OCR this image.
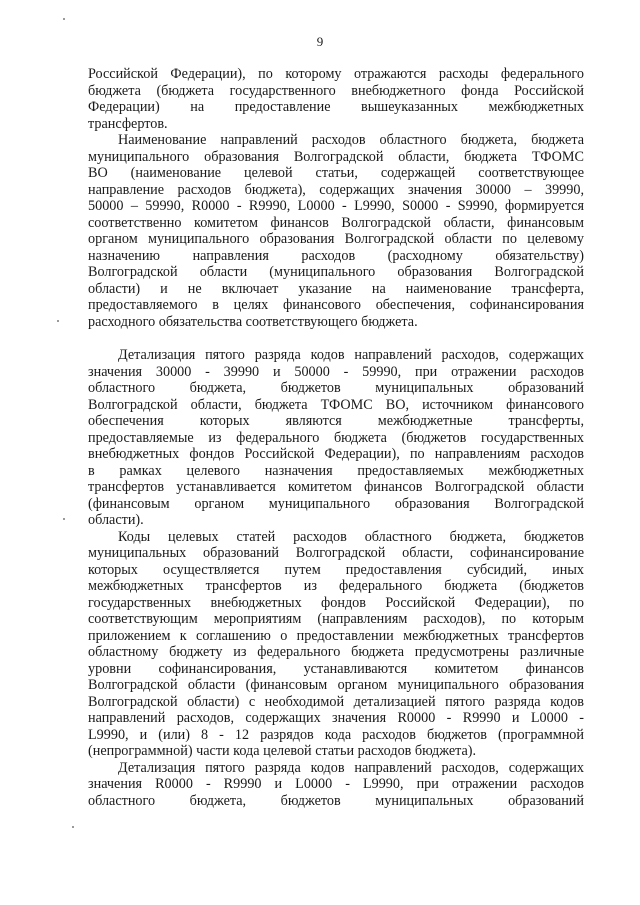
9

Российской Федерации), по которому отражаются расходы федерального
бюджета (бюджета государственного внебюджетного фонда Российской
Федерации) на предоставление вышеуказанных межбюджетных
трансфертов.

Наименование направлений расходов областного бюджета, бюджета
муниципального образования Волгоградской области, бюджета ТФОМС
ВО (наименование целевой статьи, содержащей соответствующее
направление расходов бюджета), содержащих значения 30000 – 39990,
50000 – 59990, R0000 - R9990, L0000 - L9990, S0000 - S9990, формируется
соответственно комитетом финансов Волгоградской области, финансовым
органом муниципального образования Волгоградской области по целевому
назначению направления расходов (расходному обязательству)
Волгоградской области (муниципального образования Волгоградской
области) и не включает указание на наименование трансферта,
предоставляемого в целях финансового обеспечения, софинансирования
расходного обязательства соответствующего бюджета.

Детализация пятого разряда кодов направлений расходов, содержащих
значения 30000 - 39990 и 50000 - 59990, при отражении расходов
областного бюджета, бюджетов муниципальных образований
Волгоградской области, бюджета ТФОМС ВО, источником финансового
обеспечения которых являются межбюджетные трансферты,
предоставляемые из федерального бюджета (бюджетов государственных
внебюджетных фондов Российской Федерации), по направлениям расходов
в рамках целевого назначения предоставляемых межбюджетных
трансфертов устанавливается комитетом финансов Волгоградской области
(финансовым органом муниципального образования Волгоградской
области).

Коды целевых статей расходов областного бюджета, бюджетов
муниципальных образований Волгоградской области, софинансирование
которых осуществляется путем предоставления субсидий, иных
межбюджетных трансфертов из федерального бюджета (бюджетов
государственных внебюджетных фондов Российской Федерации), по
соответствующим мероприятиям (направлениям расходов), по которым
приложением к соглашению о предоставлении межбюджетных трансфертов
областному бюджету из федерального бюджета предусмотрены различные
уровни софинансирования, устанавливаются комитетом финансов
Волгоградской области (финансовым органом муниципального образования
Волгоградской области) с необходимой детализацией пятого разряда кодов
направлений расходов, содержащих значения R0000 - R9990 и L0000 -
L9990, и (или) 8 - 12 разрядов кода расходов бюджетов (программной
(непрограммной) части кода целевой статьи расходов бюджета).

Детализация пятого разряда кодов направлений расходов, содержащих
значения R0000 - R9990 и L0000 - L9990, при отражении расходов
областного бюджета, бюджетов муниципальных образований
